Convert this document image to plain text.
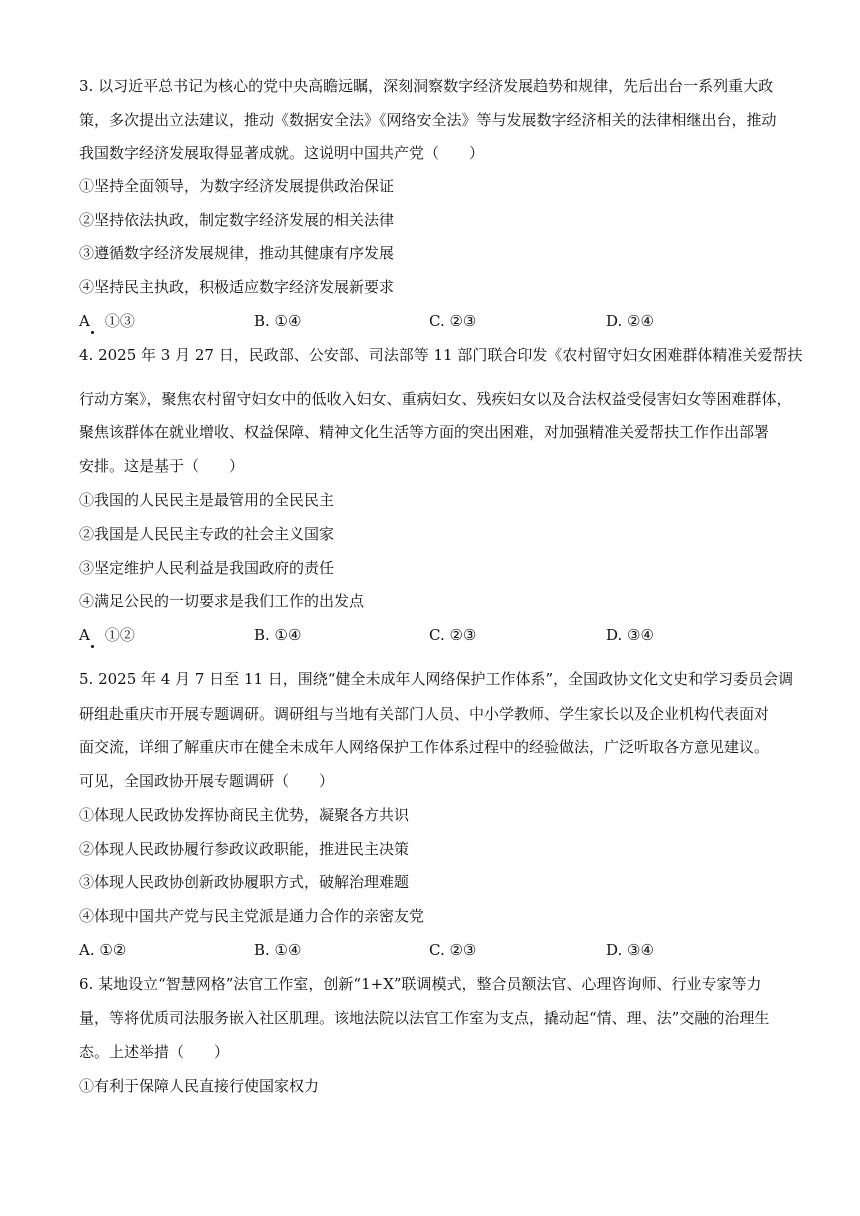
3. 以习近平总书记为核心的党中央高瞻远瞩，深刻洞察数字经济发展趋势和规律，先后出台一系列重大政
策，多次提出立法建议，推动《数据安全法》《网络安全法》等与发展数字经济相关的法律相继出台，推动
我国数字经济发展取得显著成就。这说明中国共产党（　　）
①坚持全面领导，为数字经济发展提供政治保证
②坚持依法执政，制定数字经济发展的相关法律
③遵循数字经济发展规律，推动其健康有序发展
④坚持民主执政，积极适应数字经济发展新要求
A　①③	B. ①④	C. ②③	D. ②④
4. 2025 年 3 月 27 日，民政部、公安部、司法部等 11 部门联合印发《农村留守妇女困难群体精准关爱帮扶
行动方案》，聚焦农村留守妇女中的低收入妇女、重病妇女、残疾妇女以及合法权益受侵害妇女等困难群体，
聚焦该群体在就业增收、权益保障、精神文化生活等方面的突出困难，对加强精准关爱帮扶工作作出部署
安排。这是基于（　　）
①我国的人民民主是最管用的全民民主
②我国是人民民主专政的社会主义国家
③坚定维护人民利益是我国政府的责任
④满足公民的一切要求是我们工作的出发点
A　①②	B. ①④	C. ②③	D. ③④
5. 2025 年 4 月 7 日至 11 日，围绕“健全未成年人网络保护工作体系”，全国政协文化文史和学习委员会调
研组赴重庆市开展专题调研。调研组与当地有关部门人员、中小学教师、学生家长以及企业机构代表面对
面交流，详细了解重庆市在健全未成年人网络保护工作体系过程中的经验做法，广泛听取各方意见建议。
可见，全国政协开展专题调研（　　）
①体现人民政协发挥协商民主优势，凝聚各方共识
②体现人民政协履行参政议政职能，推进民主决策
③体现人民政协创新政协履职方式，破解治理难题
④体现中国共产党与民主党派是通力合作的亲密友党
A. ①②	B. ①④	C. ②③	D. ③④
6. 某地设立“智慧网格”法官工作室，创新“1+X”联调模式，整合员额法官、心理咨询师、行业专家等力
量，等将优质司法服务嵌入社区肌理。该地法院以法官工作室为支点，撬动起“情、理、法”交融的治理生
态。上述举措（　　）
①有利于保障人民直接行使国家权力
